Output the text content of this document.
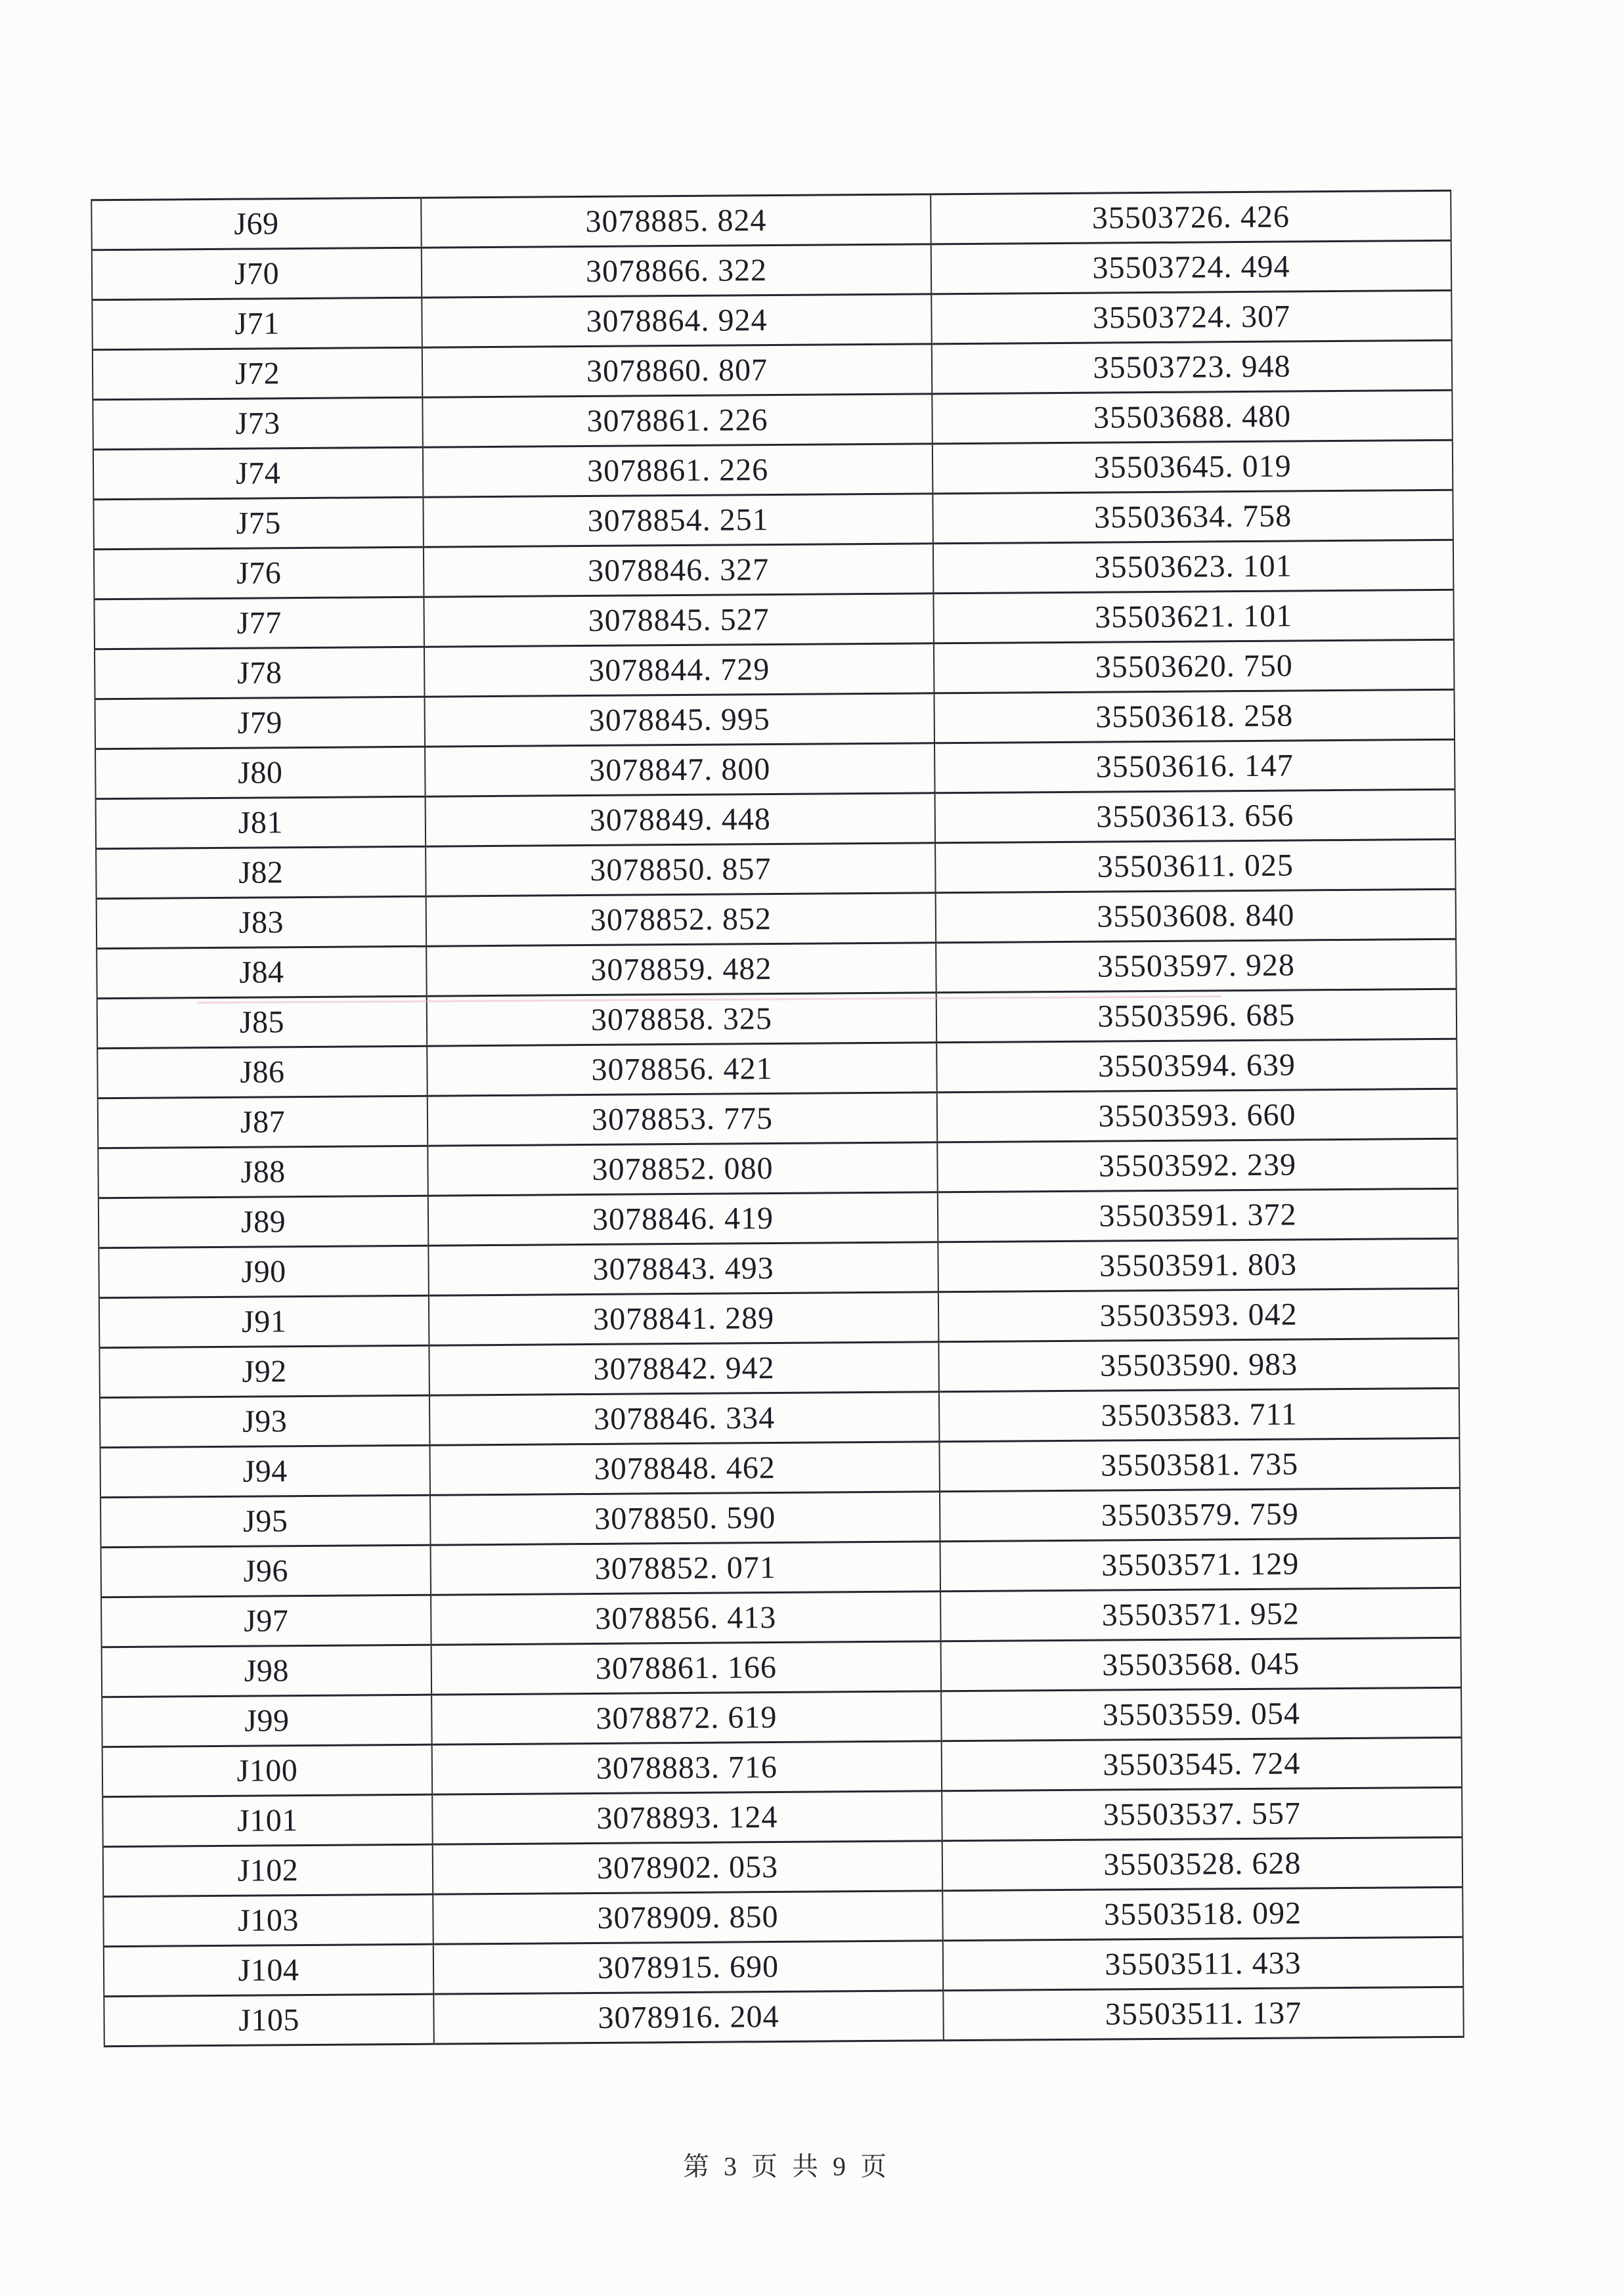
J69	3078885. 824	35503726. 426
J70	3078866. 322	35503724. 494
J71	3078864. 924	35503724. 307
J72	3078860. 807	35503723. 948
J73	3078861. 226	35503688. 480
J74	3078861. 226	35503645. 019
J75	3078854. 251	35503634. 758
J76	3078846. 327	35503623. 101
J77	3078845. 527	35503621. 101
J78	3078844. 729	35503620. 750
J79	3078845. 995	35503618. 258
J80	3078847. 800	35503616. 147
J81	3078849. 448	35503613. 656
J82	3078850. 857	35503611. 025
J83	3078852. 852	35503608. 840
J84	3078859. 482	35503597. 928
J85	3078858. 325	35503596. 685
J86	3078856. 421	35503594. 639
J87	3078853. 775	35503593. 660
J88	3078852. 080	35503592. 239
J89	3078846. 419	35503591. 372
J90	3078843. 493	35503591. 803
J91	3078841. 289	35503593. 042
J92	3078842. 942	35503590. 983
J93	3078846. 334	35503583. 711
J94	3078848. 462	35503581. 735
J95	3078850. 590	35503579. 759
J96	3078852. 071	35503571. 129
J97	3078856. 413	35503571. 952
J98	3078861. 166	35503568. 045
J99	3078872. 619	35503559. 054
J100	3078883. 716	35503545. 724
J101	3078893. 124	35503537. 557
J102	3078902. 053	35503528. 628
J103	3078909. 850	35503518. 092
J104	3078915. 690	35503511. 433
J105	3078916. 204	35503511. 137
第 3 页 共 9 页
